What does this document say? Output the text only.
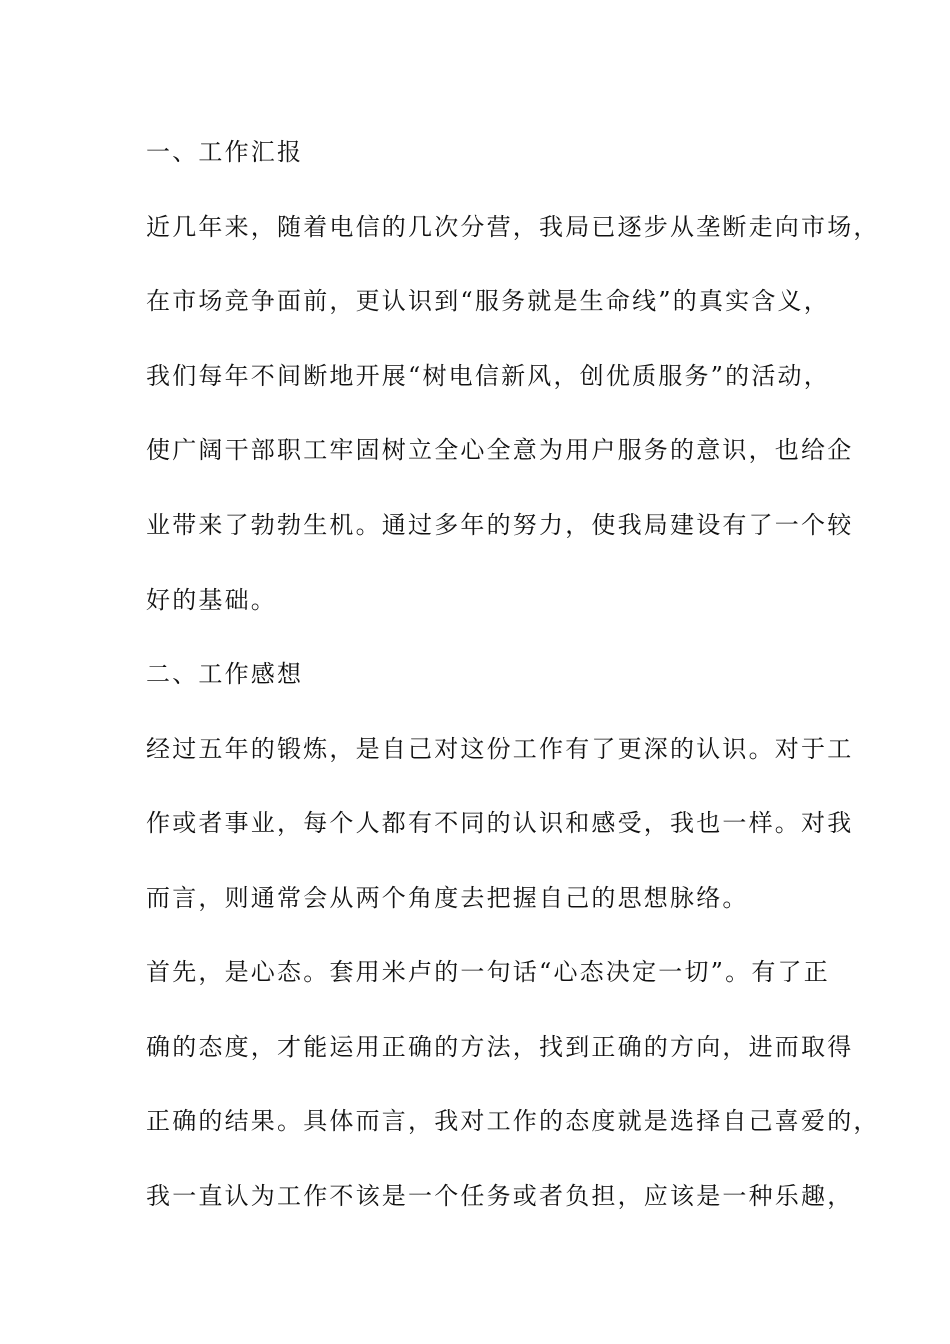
一、工作汇报
近几年来，随着电信的几次分营，我局已逐步从垄断走向市场，
在市场竞争面前，更认识到“服务就是生命线”的真实含义，
我们每年不间断地开展“树电信新风，创优质服务”的活动，
使广阔干部职工牢固树立全心全意为用户服务的意识，也给企
业带来了勃勃生机。通过多年的努力，使我局建设有了一个较
好的基础。
二、工作感想
经过五年的锻炼，是自己对这份工作有了更深的认识。对于工
作或者事业，每个人都有不同的认识和感受，我也一样。对我
而言，则通常会从两个角度去把握自己的思想脉络。
首先，是心态。套用米卢的一句话“心态决定一切”。有了正
确的态度，才能运用正确的方法，找到正确的方向，进而取得
正确的结果。具体而言，我对工作的态度就是选择自己喜爱的，
我一直认为工作不该是一个任务或者负担，应该是一种乐趣，
